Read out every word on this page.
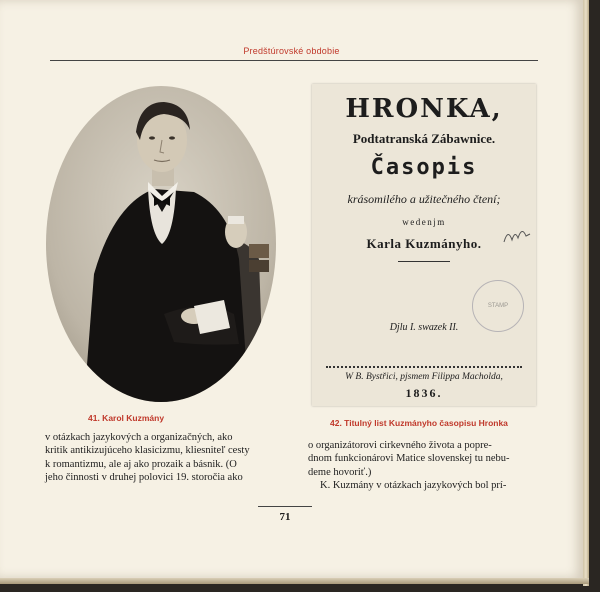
Predštúrovské obdobie
41. Karol Kuzmány
HRONKA,
Podtatranská Zábawnice.
Časopis
krásomilého a užitečného čtení;
wedenjm
Karla Kuzmányho.
STAMP
Djlu I. swazek II.
W B. Bystřici, pjsmem Filippa Macholda,
1836.
42. Titulný list Kuzmányho časopisu Hronka
v otázkach jazykových a organizačných, ako
kritik antikizujúceho klasicizmu, kliesniteľ cesty
k romantizmu, ale aj ako prozaik a básnik. (O
jeho činnosti v druhej polovici 19. storočia ako
o organizátorovi cirkevného života a popre-
dnom funkcionárovi Matice slovenskej tu nebu-
deme hovoriť.)
K. Kuzmány v otázkach jazykových bol prí-
71
